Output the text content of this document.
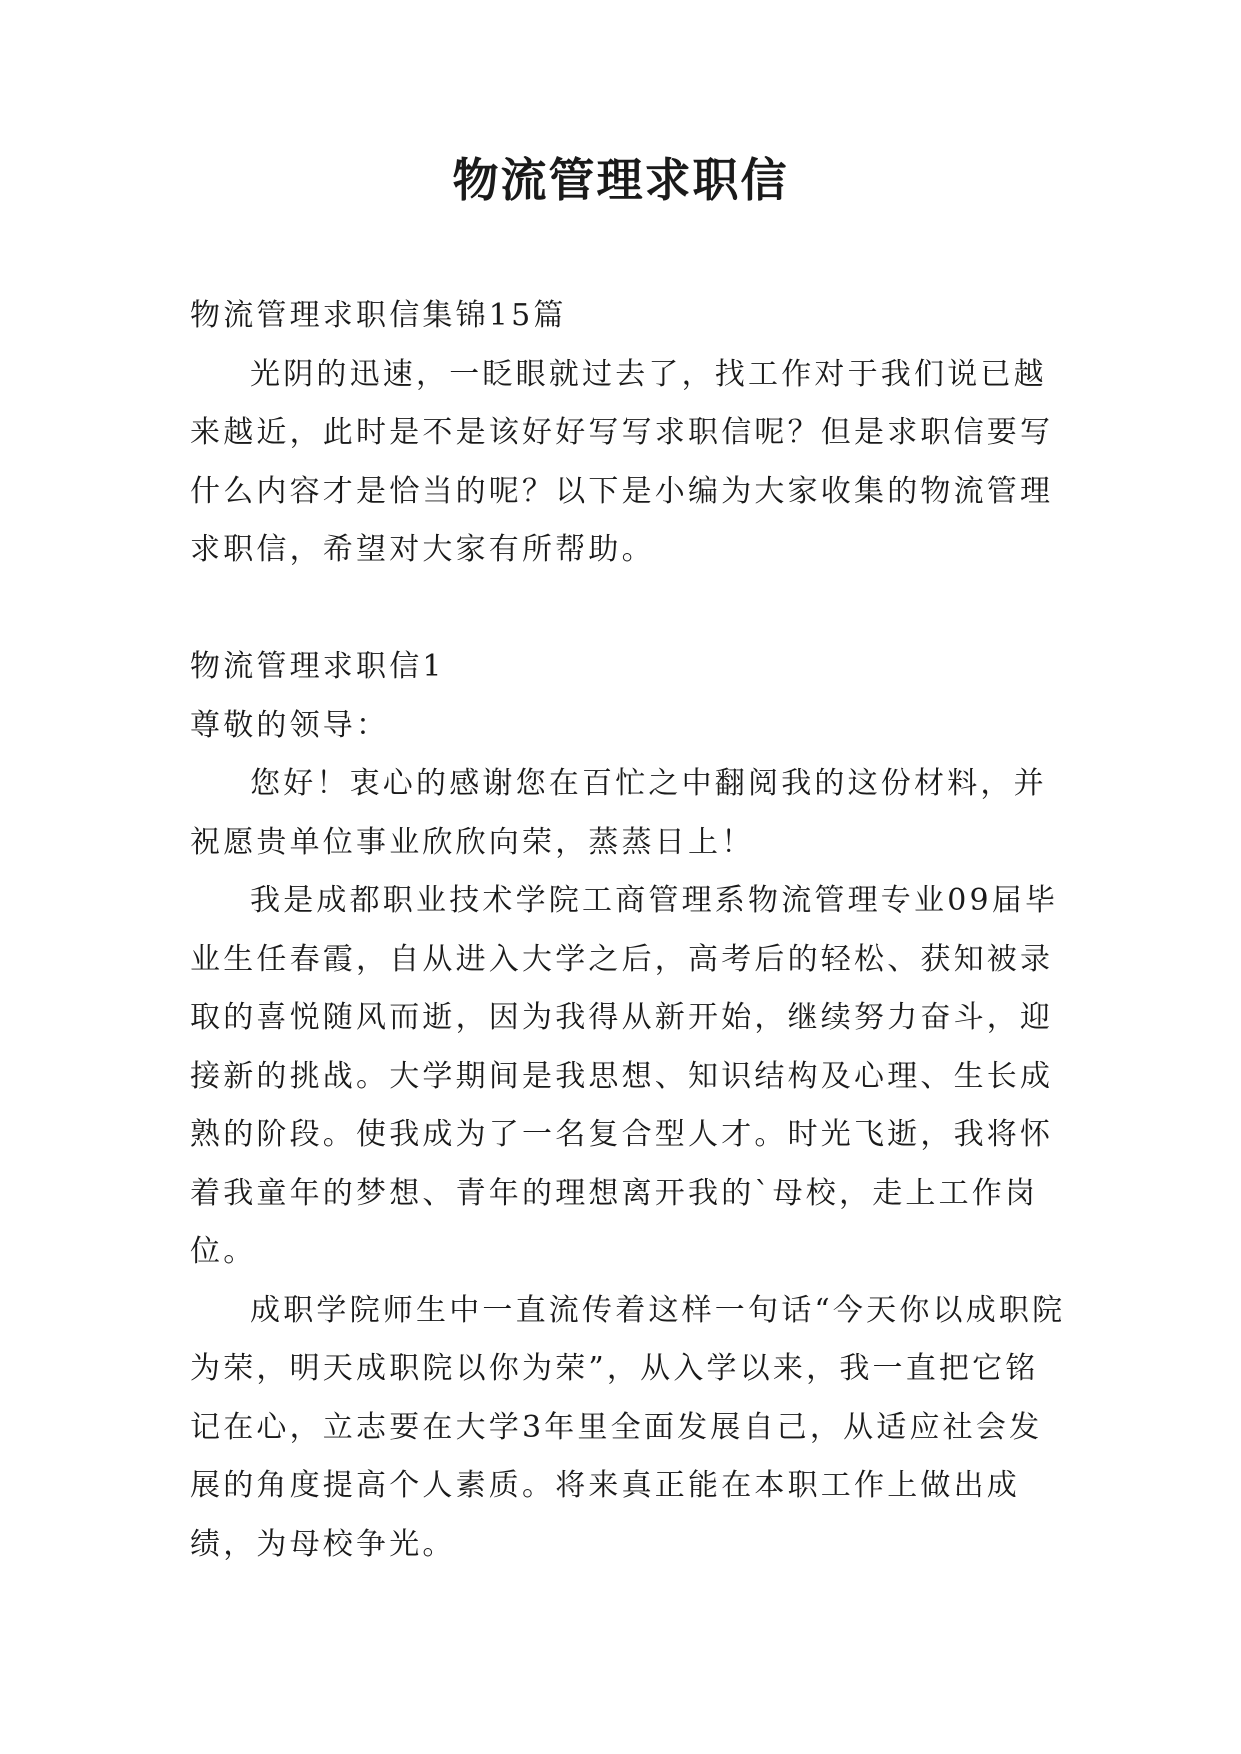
物流管理求职信

物流管理求职信集锦15篇

光阴的迅速，一眨眼就过去了，找工作对于我们说已越来越近，此时是不是该好好写写求职信呢？但是求职信要写什么内容才是恰当的呢？以下是小编为大家收集的物流管理求职信，希望对大家有所帮助。

物流管理求职信1

尊敬的领导：

您好！衷心的感谢您在百忙之中翻阅我的这份材料，并祝愿贵单位事业欣欣向荣，蒸蒸日上！

我是成都职业技术学院工商管理系物流管理专业09届毕业生任春霞，自从进入大学之后，高考后的轻松、获知被录取的喜悦随风而逝，因为我得从新开始，继续努力奋斗，迎接新的挑战。大学期间是我思想、知识结构及心理、生长成熟的阶段。使我成为了一名复合型人才。时光飞逝，我将怀着我童年的梦想、青年的理想离开我的`母校，走上工作岗位。

成职学院师生中一直流传着这样一句话“今天你以成职院为荣，明天成职院以你为荣”，从入学以来，我一直把它铭记在心，立志要在大学3年里全面发展自己，从适应社会发展的角度提高个人素质。将来真正能在本职工作上做出成绩，为母校争光。
